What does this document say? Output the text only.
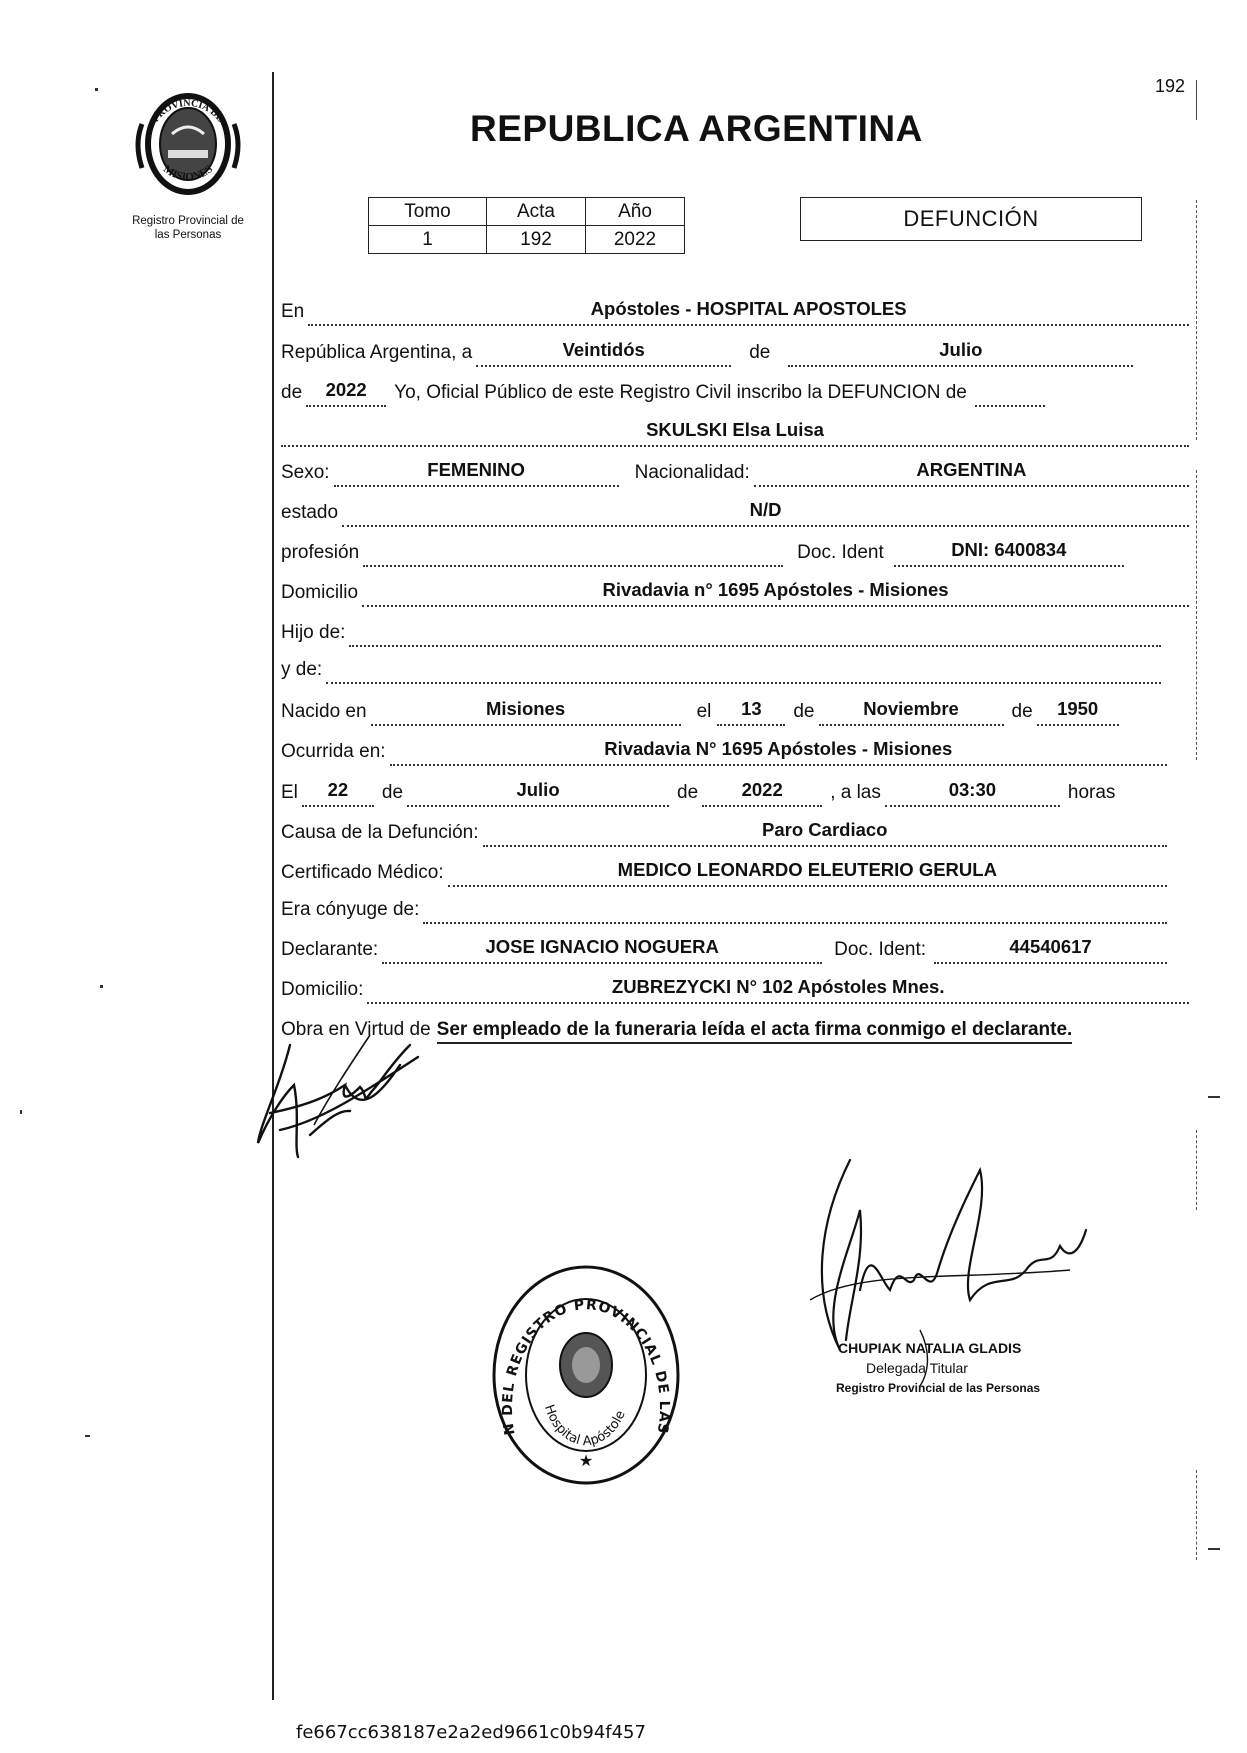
192
PROVINCIA DE
MISIONES
Registro Provincial de
las Personas
REPUBLICA ARGENTINA
Tomo	Acta	Año
1	192	2022
DEFUNCIÓN
En	Apóstoles - HOSPITAL APOSTOLES
República Argentina, a	Veintidós	de	Julio
de	2022	Yo, Oficial Público de este Registro Civil inscribo la DEFUNCION de
SKULSKI Elsa Luisa
Sexo:	FEMENINO	Nacionalidad:	ARGENTINA
estado	N/D
profesión	Doc. Ident	DNI: 6400834
Domicilio	Rivadavia n° 1695 Apóstoles - Misiones
Hijo de:
y de:
Nacido en	Misiones	el	13	de	Noviembre	de	1950
Ocurrida en:	Rivadavia N° 1695 Apóstoles - Misiones
El	22	de	Julio	de	2022	, a las	03:30	horas
Causa de la Defunción:	Paro Cardiaco
Certificado Médico:	MEDICO LEONARDO ELEUTERIO GERULA
Era cónyuge de:
Declarante:	JOSE IGNACIO NOGUERA	Doc. Ident:	44540617
Domicilio:	ZUBREZYCKI N° 102 Apóstoles Mnes.
Obra en Virtud de Ser empleado de la funeraria leída el acta firma conmigo el declarante.
N DEL REGISTRO PROVINCIAL DE LAS
Hospital Apóstole
★
CHUPIAK NATALIA GLADIS
Delegada Titular
Registro Provincial de las Personas
fe667cc638187e2a2ed9661c0b94f457
